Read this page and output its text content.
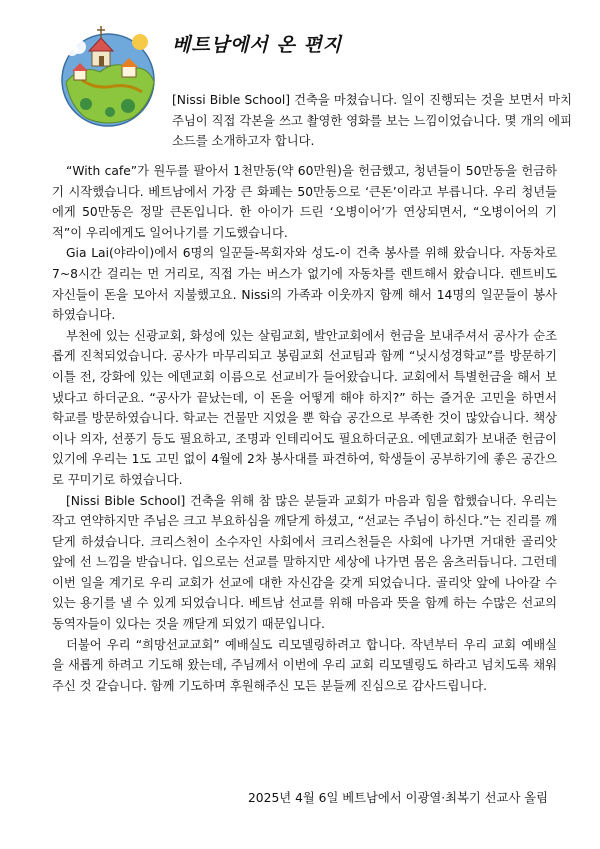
베트남에서 온 편지

[Nissi Bible School] 건축을 마쳤습니다. 일이 진행되는 것을 보면서 마치 주님이 직접 각본을 쓰고 촬영한 영화를 보는 느낌이었습니다. 몇 개의 에피소드를 소개하고자 합니다.

“With cafe”가 원두를 팔아서 1천만동(약 60만원)을 헌금했고, 청년들이 50만동을 헌금하기 시작했습니다. 베트남에서 가장 큰 화폐는 50만동으로 ‘큰돈’이라고 부릅니다. 우리 청년들에게 50만동은 정말 큰돈입니다. 한 아이가 드린 ‘오병이어’가 연상되면서, “오병이어의 기적”이 우리에게도 일어나기를 기도했습니다.

Gia Lai(야라이)에서 6명의 일꾼들-목회자와 성도-이 건축 봉사를 위해 왔습니다. 자동차로 7~8시간 걸리는 먼 거리로, 직접 가는 버스가 없기에 자동차를 렌트해서 왔습니다. 렌트비도 자신들이 돈을 모아서 지불했고요. Nissi의 가족과 이웃까지 함께 해서 14명의 일꾼들이 봉사하였습니다.

부천에 있는 신광교회, 화성에 있는 살림교회, 발안교회에서 헌금을 보내주셔서 공사가 순조롭게 진척되었습니다. 공사가 마무리되고 봉림교회 선교팀과 함께 “닛시성경학교”를 방문하기 이틀 전, 강화에 있는 에덴교회 이름으로 선교비가 들어왔습니다. 교회에서 특별헌금을 해서 보냈다고 하더군요. “공사가 끝났는데, 이 돈을 어떻게 해야 하지?” 하는 즐거운 고민을 하면서 학교를 방문하였습니다. 학교는 건물만 지었을 뿐 학습 공간으로 부족한 것이 많았습니다. 책상이나 의자, 선풍기 등도 필요하고, 조명과 인테리어도 필요하더군요. 에덴교회가 보내준 헌금이 있기에 우리는 1도 고민 없이 4월에 2차 봉사대를 파견하여, 학생들이 공부하기에 좋은 공간으로 꾸미기로 하였습니다.

[Nissi Bible School] 건축을 위해 참 많은 분들과 교회가 마음과 힘을 합했습니다. 우리는 작고 연약하지만 주님은 크고 부요하심을 깨닫게 하셨고, “선교는 주님이 하신다.”는 진리를 깨닫게 하셨습니다. 크리스천이 소수자인 사회에서 크리스천들은 사회에 나가면 거대한 골리앗 앞에 선 느낌을 받습니다. 입으로는 선교를 말하지만 세상에 나가면 몸은 움츠러듭니다. 그런데 이번 일을 계기로 우리 교회가 선교에 대한 자신감을 갖게 되었습니다. 골리앗 앞에 나아갈 수 있는 용기를 낼 수 있게 되었습니다. 베트남 선교를 위해 마음과 뜻을 함께 하는 수많은 선교의 동역자들이 있다는 것을 깨닫게 되었기 때문입니다.

더불어 우리 “희망선교교회” 예배실도 리모델링하려고 합니다. 작년부터 우리 교회 예배실을 새롭게 하려고 기도해 왔는데, 주님께서 이번에 우리 교회 리모델링도 하라고 넘치도록 채워주신 것 같습니다. 함께 기도하며 후원해주신 모든 분들께 진심으로 감사드립니다.

2025년 4월 6일 베트남에서 이광열·최복기 선교사 올림
